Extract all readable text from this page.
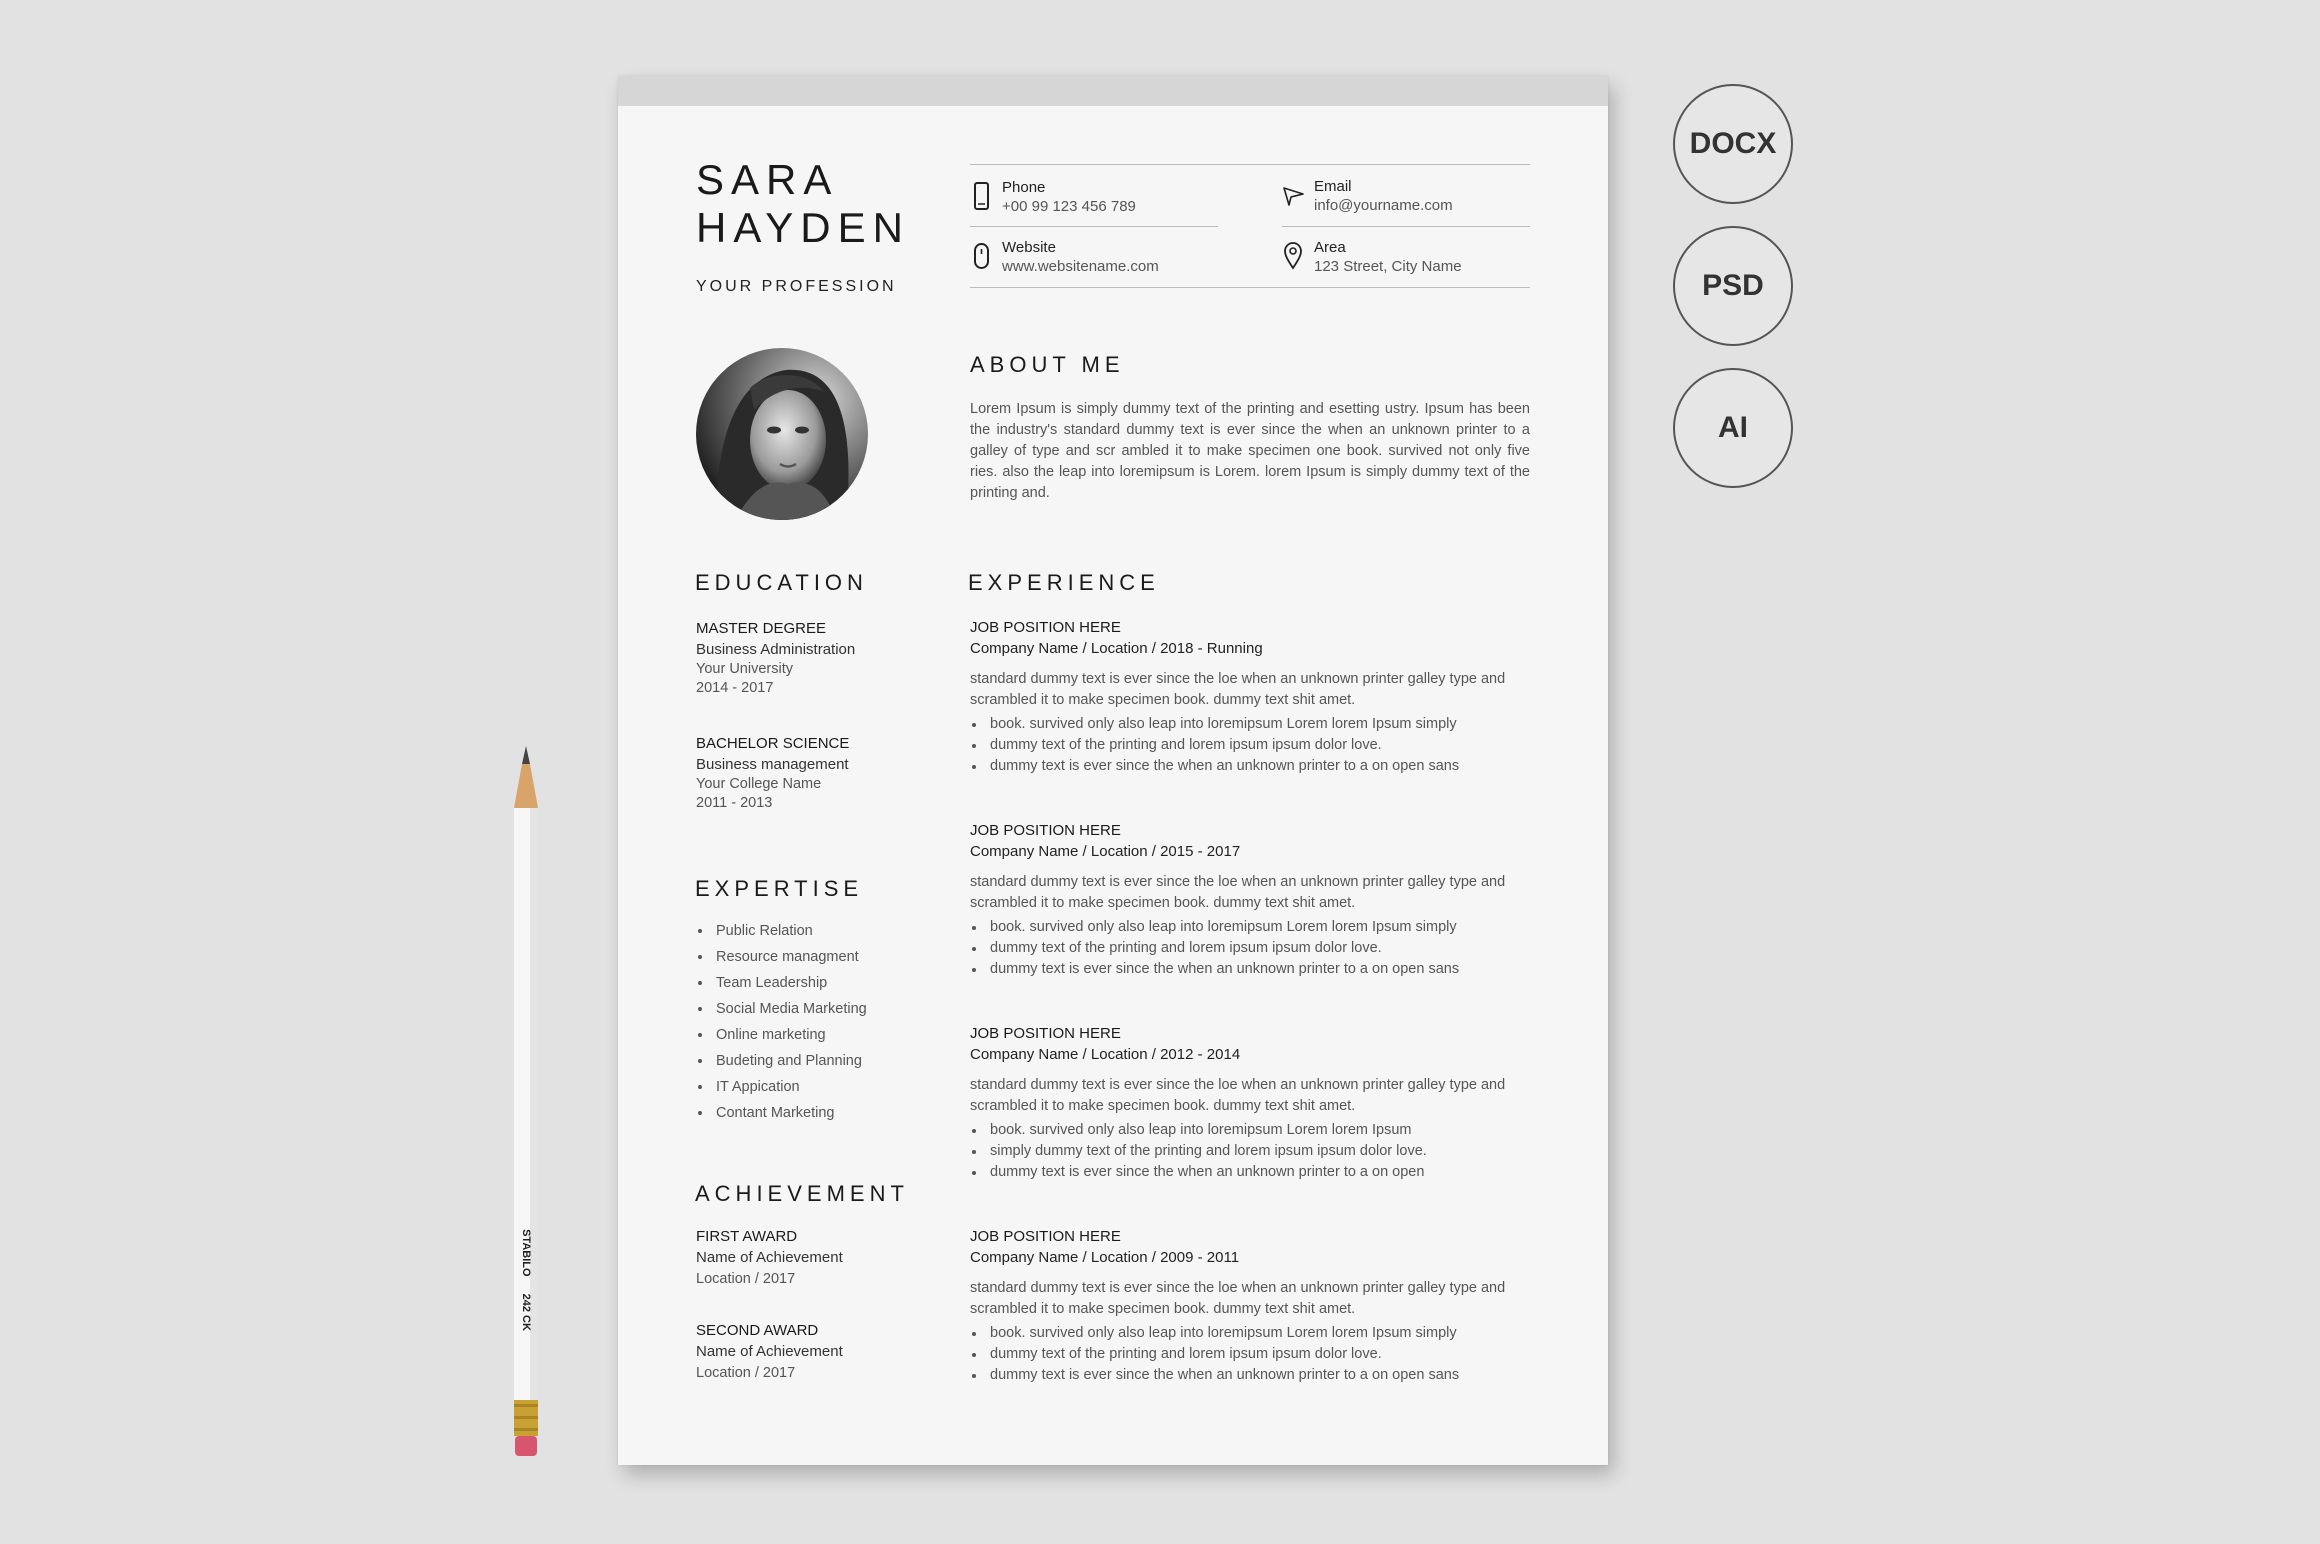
STABILO 242 CK
SARA
HAYDEN
YOUR PROFESSION
Phone
+00 99 123 456 789
Email
info@yourname.com
Website
www.websitename.com
Area
123 Street, City Name
ABOUT ME
Lorem Ipsum is simply dummy text of the printing and esetting ustry. Ipsum has been the industry's standard dummy text is ever since the when an unknown printer to a galley of type and scr ambled it to make specimen one book. survived not only five ries. also the leap into loremipsum is Lorem. lorem Ipsum is simply dummy text of the printing and.
EDUCATION
MASTER DEGREE
Business Administration
Your University
2014 - 2017
BACHELOR SCIENCE
Business management
Your College Name
2011 - 2013
EXPERTISE
Public Relation
Resource managment
Team Leadership
Social Media Marketing
Online marketing
Budeting and Planning
IT Appication
Contant Marketing
ACHIEVEMENT
FIRST AWARD
Name of Achievement
Location / 2017
SECOND AWARD
Name of Achievement
Location / 2017
EXPERIENCE
JOB POSITION HERE
Company Name / Location / 2018 - Running
standard dummy text is ever since the loe when an unknown printer galley type and scrambled it to make specimen book. dummy text shit amet.
book. survived only also leap into loremipsum Lorem lorem Ipsum simply
dummy text of the printing and lorem ipsum ipsum dolor love.
dummy text is ever since the when an unknown printer to a on open sans
JOB POSITION HERE
Company Name / Location / 2015 - 2017
standard dummy text is ever since the loe when an unknown printer galley type and scrambled it to make specimen book. dummy text shit amet.
book. survived only also leap into loremipsum Lorem lorem Ipsum simply
dummy text of the printing and lorem ipsum ipsum dolor love.
dummy text is ever since the when an unknown printer to a on open sans
JOB POSITION HERE
Company Name / Location / 2012 - 2014
standard dummy text is ever since the loe when an unknown printer galley type and scrambled it to make specimen book. dummy text shit amet.
book. survived only also leap into loremipsum Lorem lorem Ipsum
simply dummy text of the printing and lorem ipsum ipsum dolor love.
dummy text is ever since the when an unknown printer to a on open
JOB POSITION HERE
Company Name / Location / 2009 - 2011
standard dummy text is ever since the loe when an unknown printer galley type and scrambled it to make specimen book. dummy text shit amet.
book. survived only also leap into loremipsum Lorem lorem Ipsum simply
dummy text of the printing and lorem ipsum ipsum dolor love.
dummy text is ever since the when an unknown printer to a on open sans
DOCX
PSD
AI
